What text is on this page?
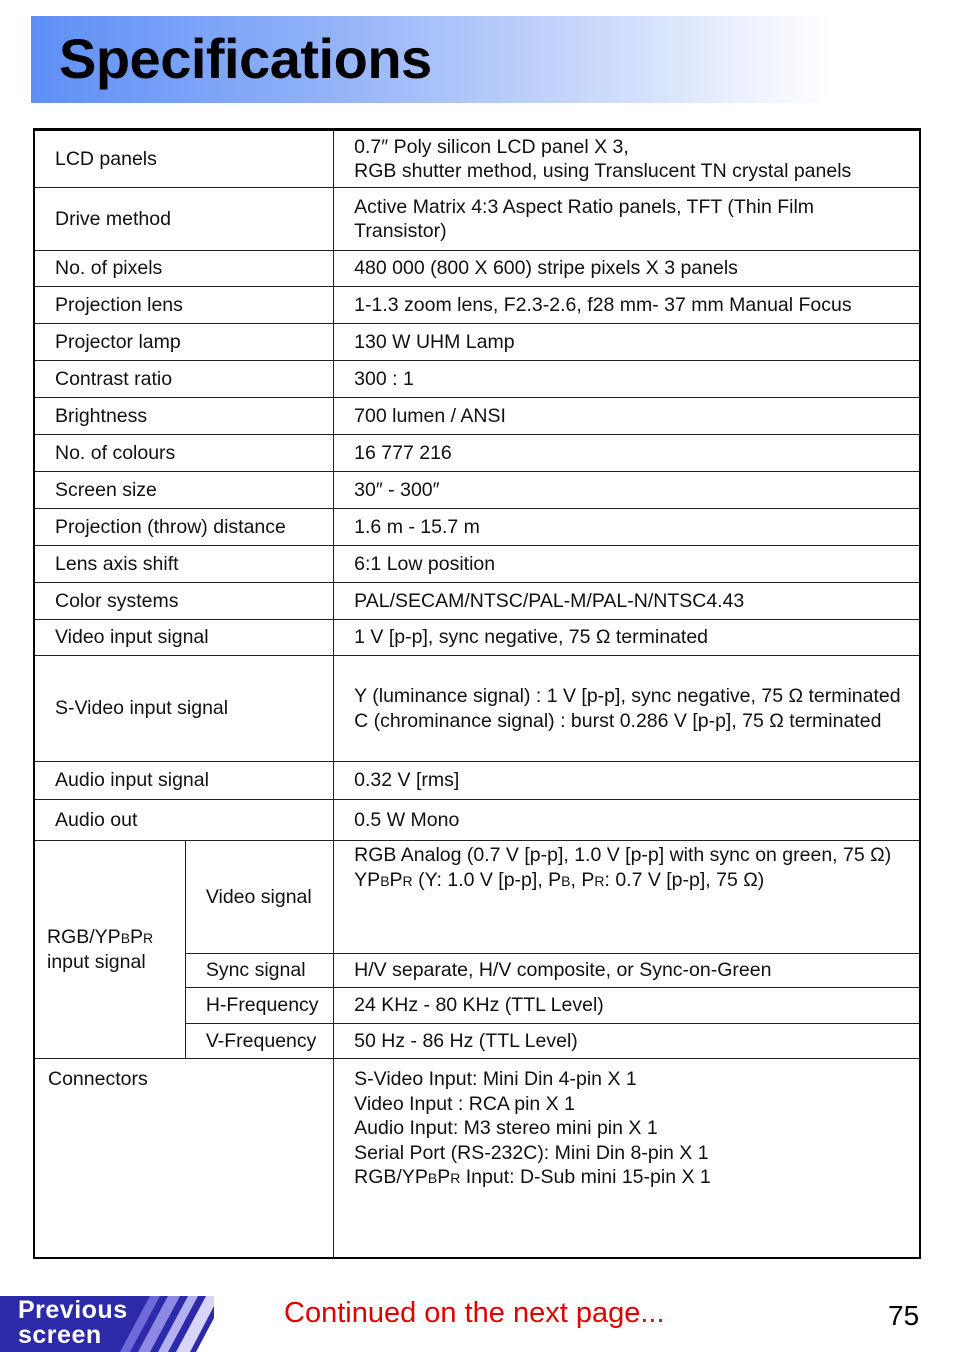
Specifications
LCD panels		0.7″ Poly silicon LCD panel X 3,
RGB shutter method, using Translucent TN crystal panels

Drive method		Active Matrix 4:3 Aspect Ratio panels, TFT (Thin Film Transistor)

No. of pixels		480 000 (800 X 600) stripe pixels X 3 panels

Projection lens		1-1.3 zoom lens, F2.3-2.6, f28 mm- 37 mm Manual Focus

Projector lamp		130 W UHM Lamp

Contrast ratio		300 : 1

Brightness		700 lumen / ANSI

No. of colours		16 777 216

Screen size		30″ - 300″

Projection (throw) distance		1.6 m - 15.7 m

Lens axis shift		6:1 Low position

Color systems		PAL/SECAM/NTSC/PAL-M/PAL-N/NTSC4.43

Video input signal		1 V [p-p], sync negative, 75 Ω terminated

S-Video input signal		Y (luminance signal) : 1 V [p-p], sync negative, 75 Ω terminated
C (chrominance signal) : burst 0.286 V [p-p], 75 Ω terminated

Audio input signal		0.32 V [rms]

Audio out		0.5 W Mono

RGB/YPBPR
input signal	Video signal	RGB Analog (0.7 V [p-p], 1.0 V [p-p] with sync on green, 75 Ω)
YPBPR (Y: 1.0 V [p-p], PB, PR: 0.7 V [p-p], 75 Ω)

	Sync signal	H/V separate, H/V composite, or Sync-on-Green
	H-Frequency	24 KHz - 80 KHz (TTL Level)
	V-Frequency	50 Hz - 86 Hz (TTL Level)
Connectors		S-Video Input: Mini Din 4-pin X 1
Video Input : RCA pin X 1
Audio Input: M3 stereo mini pin X 1
Serial Port (RS-232C): Mini Din 8-pin X 1
RGB/YPBPR Input: D-Sub mini 15-pin X 1
Previous
screen
Continued on the next page...	75
